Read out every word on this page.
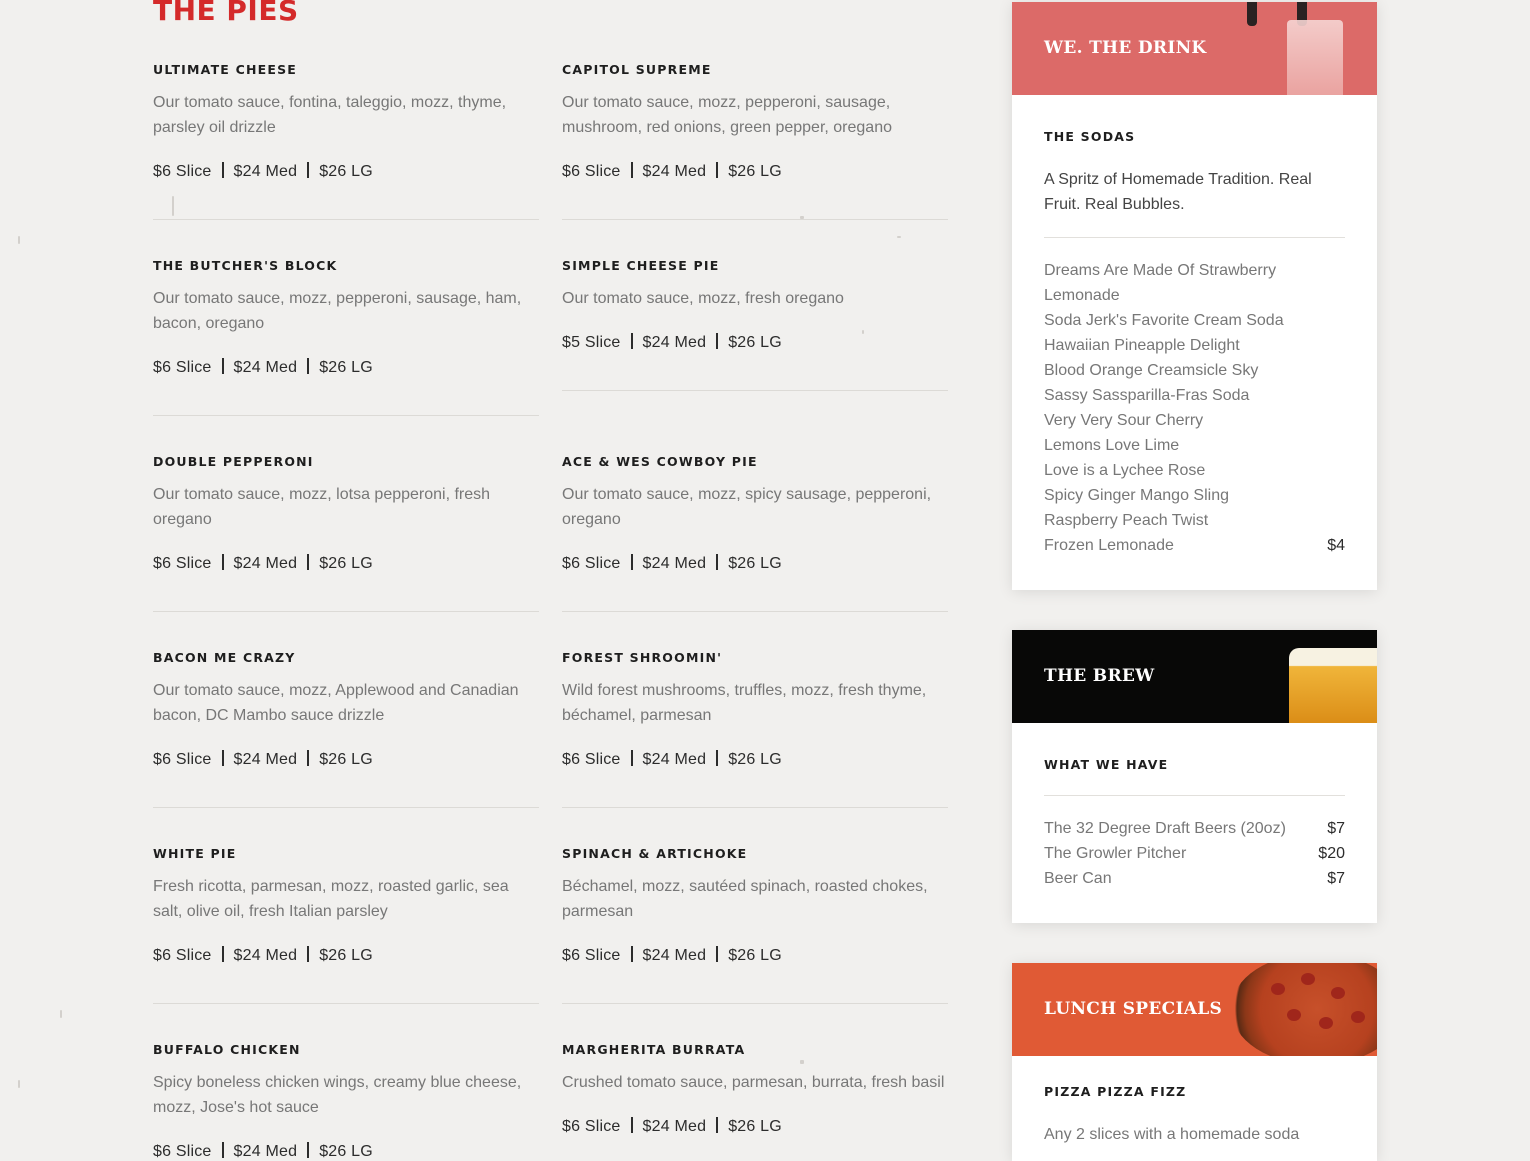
THE PIES
ULTIMATE CHEESE
Our tomato sauce, fontina, taleggio, mozz, thyme, parsley oil drizzle
$6 Slice $24 Med $26 LG
THE BUTCHER'S BLOCK
Our tomato sauce, mozz, pepperoni, sausage, ham, bacon, oregano
$6 Slice $24 Med $26 LG
DOUBLE PEPPERONI
Our tomato sauce, mozz, lotsa pepperoni, fresh oregano
$6 Slice $24 Med $26 LG
BACON ME CRAZY
Our tomato sauce, mozz, Applewood and Canadian bacon, DC Mambo sauce drizzle
$6 Slice $24 Med $26 LG
WHITE PIE
Fresh ricotta, parmesan, mozz, roasted garlic, sea salt, olive oil, fresh Italian parsley
$6 Slice $24 Med $26 LG
BUFFALO CHICKEN
Spicy boneless chicken wings, creamy blue cheese, mozz, Jose's hot sauce
$6 Slice $24 Med $26 LG
CAPITOL SUPREME
Our tomato sauce, mozz, pepperoni, sausage, mushroom, red onions, green pepper, oregano
$6 Slice $24 Med $26 LG
SIMPLE CHEESE PIE
Our tomato sauce, mozz, fresh oregano
$5 Slice $24 Med $26 LG
ACE & WES COWBOY PIE
Our tomato sauce, mozz, spicy sausage, pepperoni, oregano
$6 Slice $24 Med $26 LG
FOREST SHROOMIN'
Wild forest mushrooms, truffles, mozz, fresh thyme, béchamel, parmesan
$6 Slice $24 Med $26 LG
SPINACH & ARTICHOKE
Béchamel, mozz, sautéed spinach, roasted chokes, parmesan
$6 Slice $24 Med $26 LG
MARGHERITA BURRATA
Crushed tomato sauce, parmesan, burrata, fresh basil
$6 Slice $24 Med $26 LG
WE. THE DRINK
THE SODAS
A Spritz of Homemade Tradition. Real Fruit. Real Bubbles.
Dreams Are Made Of Strawberry Lemonade
Soda Jerk's Favorite Cream Soda
Hawaiian Pineapple Delight
Blood Orange Creamsicle Sky
Sassy Sassparilla-Fras Soda
Very Very Sour Cherry
Lemons Love Lime
Love is a Lychee Rose
Spicy Ginger Mango Sling
Raspberry Peach Twist
Frozen Lemonade	$4
THE BREW
WHAT WE HAVE
The 32 Degree Draft Beers (20oz)	$7
The Growler Pitcher	$20
Beer Can	$7
LUNCH SPECIALS
PIZZA PIZZA FIZZ
Any 2 slices with a homemade soda
